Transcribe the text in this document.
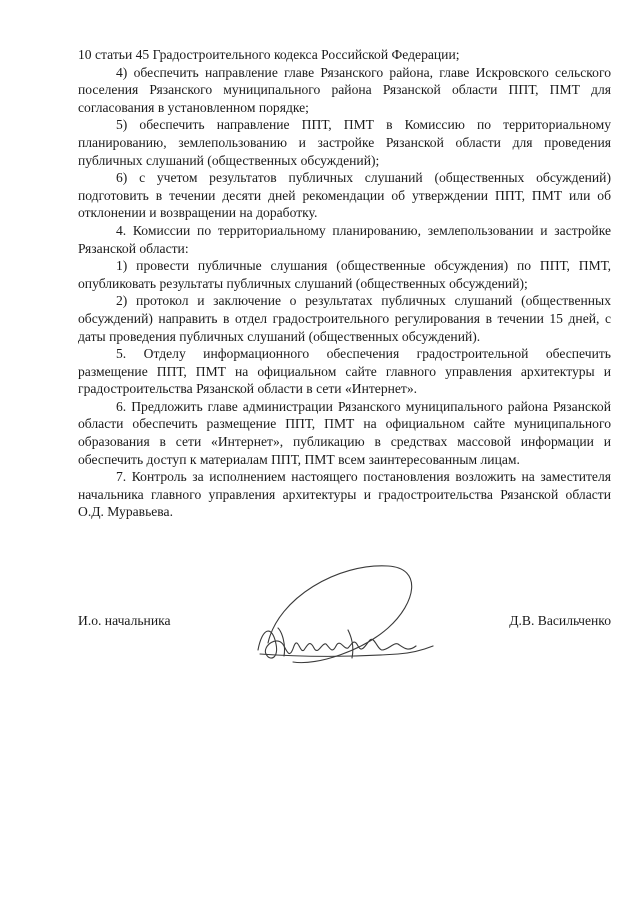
10 статьи 45 Градостроительного кодекса Российской Федерации;

4) обеспечить направление главе Рязанского района, главе Искровского сельского поселения Рязанского муниципального района Рязанской области ППТ, ПМТ для согласования в установленном порядке;

5) обеспечить направление ППТ, ПМТ в Комиссию по территориальному планированию, землепользованию и застройке Рязанской области для проведения публичных слушаний (общественных обсуждений);

6) с учетом результатов публичных слушаний (общественных обсуждений) подготовить в течении десяти дней рекомендации об утверждении ППТ, ПМТ или об отклонении и возвращении на доработку.

4. Комиссии по территориальному планированию, землепользовании и застройке Рязанской области:

1) провести публичные слушания (общественные обсуждения) по ППТ, ПМТ, опубликовать результаты публичных слушаний (общественных обсуждений);

2) протокол и заключение о результатах публичных слушаний (общественных обсуждений) направить в отдел градостроительного регулирования в течении 15 дней, с даты проведения публичных слушаний (общественных обсуждений).

5. Отделу информационного обеспечения градостроительной обеспечить размещение ППТ, ПМТ на официальном сайте главного управления архитектуры и градостроительства Рязанской области в сети «Интернет».

6. Предложить главе администрации Рязанского муниципального района Рязанской области обеспечить размещение ППТ, ПМТ на официальном сайте муниципального образования в сети «Интернет», публикацию в средствах массовой информации и обеспечить доступ к материалам ППТ, ПМТ всем заинтересованным лицам.

7. Контроль за исполнением настоящего постановления возложить на заместителя начальника главного управления архитектуры и градостроительства Рязанской области О.Д. Муравьева.

И.о. начальника	Д.В. Васильченко
